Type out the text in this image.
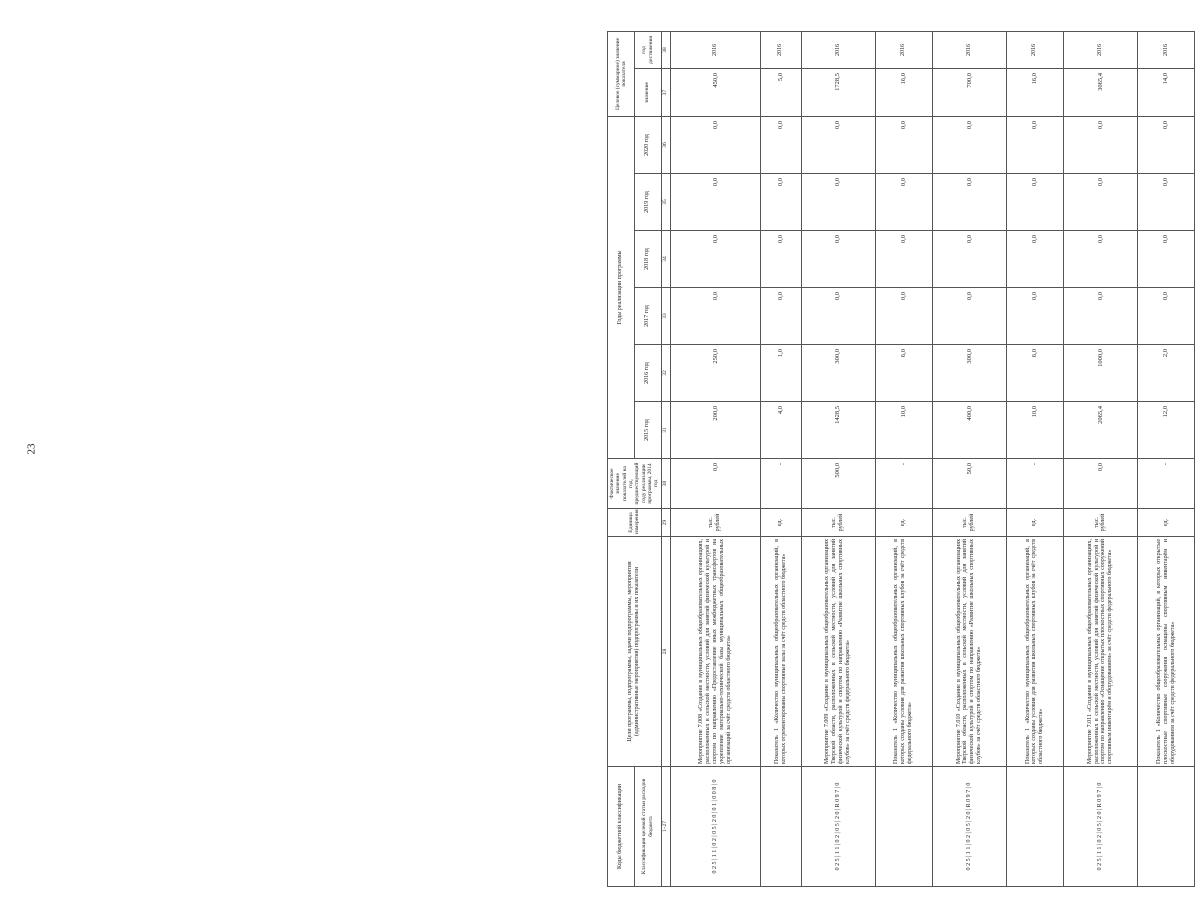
23
Коды бюджетной классификации	Цели программы, подпрограммы, задачи подпрограммы, мероприятия (административные мероприятия) подпрограммы и их показатели	Единица измерения	Фактическое значение показателей на год, предшествующий году реализации программы, 2014 год	Годы реализации программы						Целевое (суммарное) значение показателя	
Классификация целевой статьи расходов бюджета				2015 год	2016 год	2017 год	2018 год	2019 год	2020 год	значение	год достижения
1–27	28	29	30	31	32	33	34	35	36	37	38
0 2 5 | 1 1 | 0 2 | 0 5 | 2 0 | 0 1 | 0 0 8 | 0	Мероприятие 7.008 «Создание в муниципальных общеобразовательных организациях, расположенных в сельской местности, условий для занятий физической культурой и спортом по направлению «Предоставление иных межбюджетных трансфертов на укрепление материально-технической базы муниципальных общеобразовательных организаций за счёт средств областного бюджета»	тыс. рублей	0,0	200,0	250,0	0,0	0,0	0,0	0,0	450,0	2016
	Показатель 1 «Количество муниципальных общеобразовательных организаций, в которых отремонтированы спортивные залы за счёт средств областного бюджета»	ед.	-	4,0	1,0	0,0	0,0	0,0	0,0	5,0	2016
0 2 5 | 1 1 | 0 2 | 0 5 | 2 0 | R 0 9 7 | 0	Мероприятие 7.009 «Создание в муниципальных общеобразовательных организациях Тверской области, расположенных в сельской местности, условий для занятий физической культурой и спортом по направлению «Развитие школьных спортивных клубов» за счёт средств федерального бюджета»	тыс. рублей	500,0	1428,5	300,0	0,0	0,0	0,0	0,0	1728,5	2016
	Показатель 1 «Количество муниципальных общеобразовательных организаций, в которых созданы условия для развития школьных спортивных клубов за счёт средств федерального бюджета»	ед.	-	10,0	6,0	0,0	0,0	0,0	0,0	16,0	2016
0 2 5 | 1 1 | 0 2 | 0 5 | 2 0 | R 0 9 7 | 0	Мероприятие 7.010 «Создание в муниципальных общеобразовательных организациях Тверской области, расположенных в сельской местности, условий для занятий физической культурой и спортом по направлению «Развитие школьных спортивных клубов» за счёт средств областного бюджета»	тыс. рублей	50,0	400,0	300,0	0,0	0,0	0,0	0,0	700,0	2016
	Показатель 1 «Количество муниципальных общеобразовательных организаций, в которых созданы условия для развития школьных спортивных клубов за счёт средств областного бюджета»	ед.	-	10,0	6,0	0,0	0,0	0,0	0,0	16,0	2016
0 2 5 | 1 1 | 0 2 | 0 5 | 2 0 | R 0 9 7 | 0	Мероприятие 7.011 «Создание в муниципальных общеобразовательных организациях, расположенных в сельской местности, условий для занятий физической культурой и спортом по направлению «Оснащение открытых плоскостных спортивных сооружений спортивным инвентарём и оборудованием» за счёт средств федерального бюджета»	тыс. рублей	0,0	2065,4	1000,0	0,0	0,0	0,0	0,0	3065,4	2016
	Показатель 1 «Количество общеобразовательных организаций, в которых открытые плоскостные спортивные сооружения оснащены спортивным инвентарём и оборудованием за счёт средств федерального бюджета»	ед.	-	12,0	2,0	0,0	0,0	0,0	0,0	14,0	2016
